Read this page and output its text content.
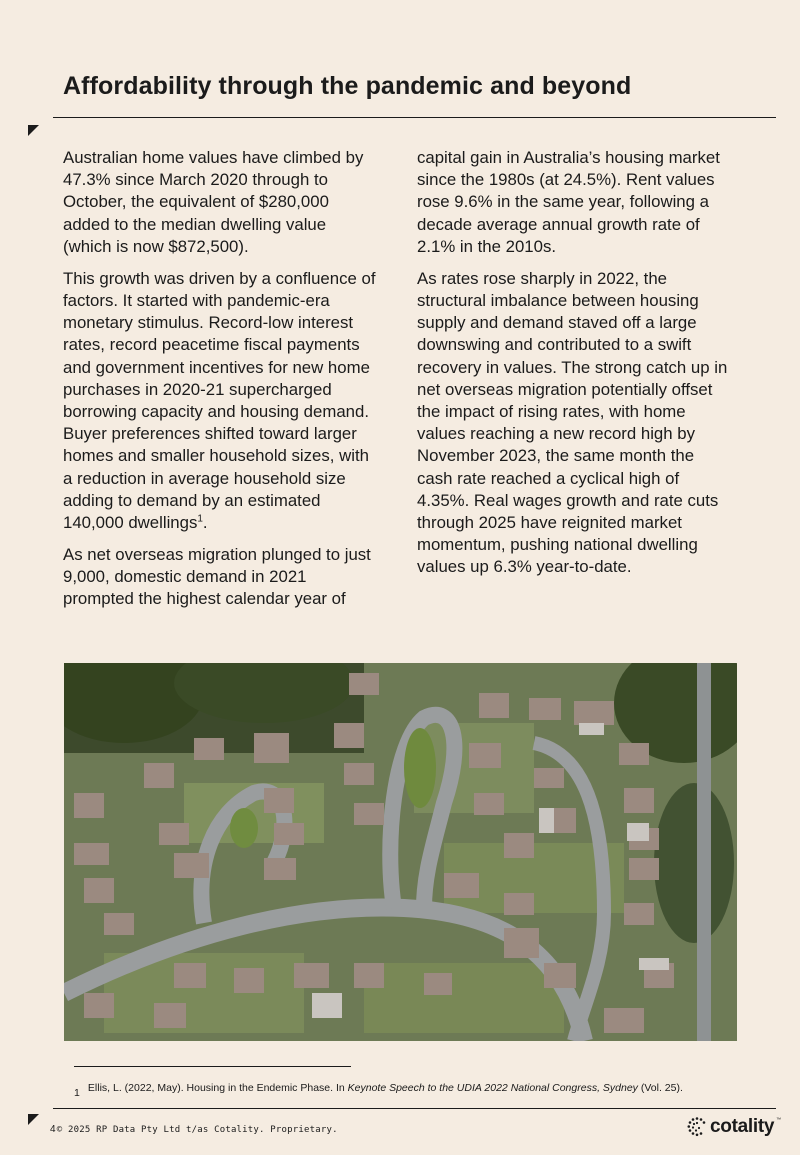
Affordability through the pandemic and beyond

Australian home values have climbed by 47.3% since March 2020 through to October, the equivalent of $280,000 added to the median dwelling value (which is now $872,500).

This growth was driven by a confluence of factors. It started with pandemic-era monetary stimulus. Record-low interest rates, record peacetime fiscal payments and government incentives for new home purchases in 2020-21 supercharged borrowing capacity and housing demand. Buyer preferences shifted toward larger homes and smaller household sizes, with a reduction in average household size adding to demand by an estimated 140,000 dwellings$^1$.

As net overseas migration plunged to just 9,000, domestic demand in 2021 prompted the highest calendar year of

capital gain in Australia’s housing market since the 1980s (at 24.5%). Rent values rose 9.6% in the same year, following a decade average annual growth rate of 2.1% in the 2010s.

As rates rose sharply in 2022, the structural imbalance between housing supply and demand staved off a large downswing and contributed to a swift recovery in values. The strong catch up in net overseas migration potentially offset the impact of rising rates, with home values reaching a new record high by November 2023, the same month the cash rate reached a cyclical high of 4.35%. Real wages growth and rate cuts through 2025 have reignited market momentum, pushing national dwelling values up 6.3% year-to-date.

1 Ellis, L. (2022, May). Housing in the Endemic Phase. In Keynote Speech to the UDIA 2022 National Congress, Sydney (Vol. 25).
4© 2025 RP Data Pty Ltd t/as Cotality. Proprietary.	cotality ™
